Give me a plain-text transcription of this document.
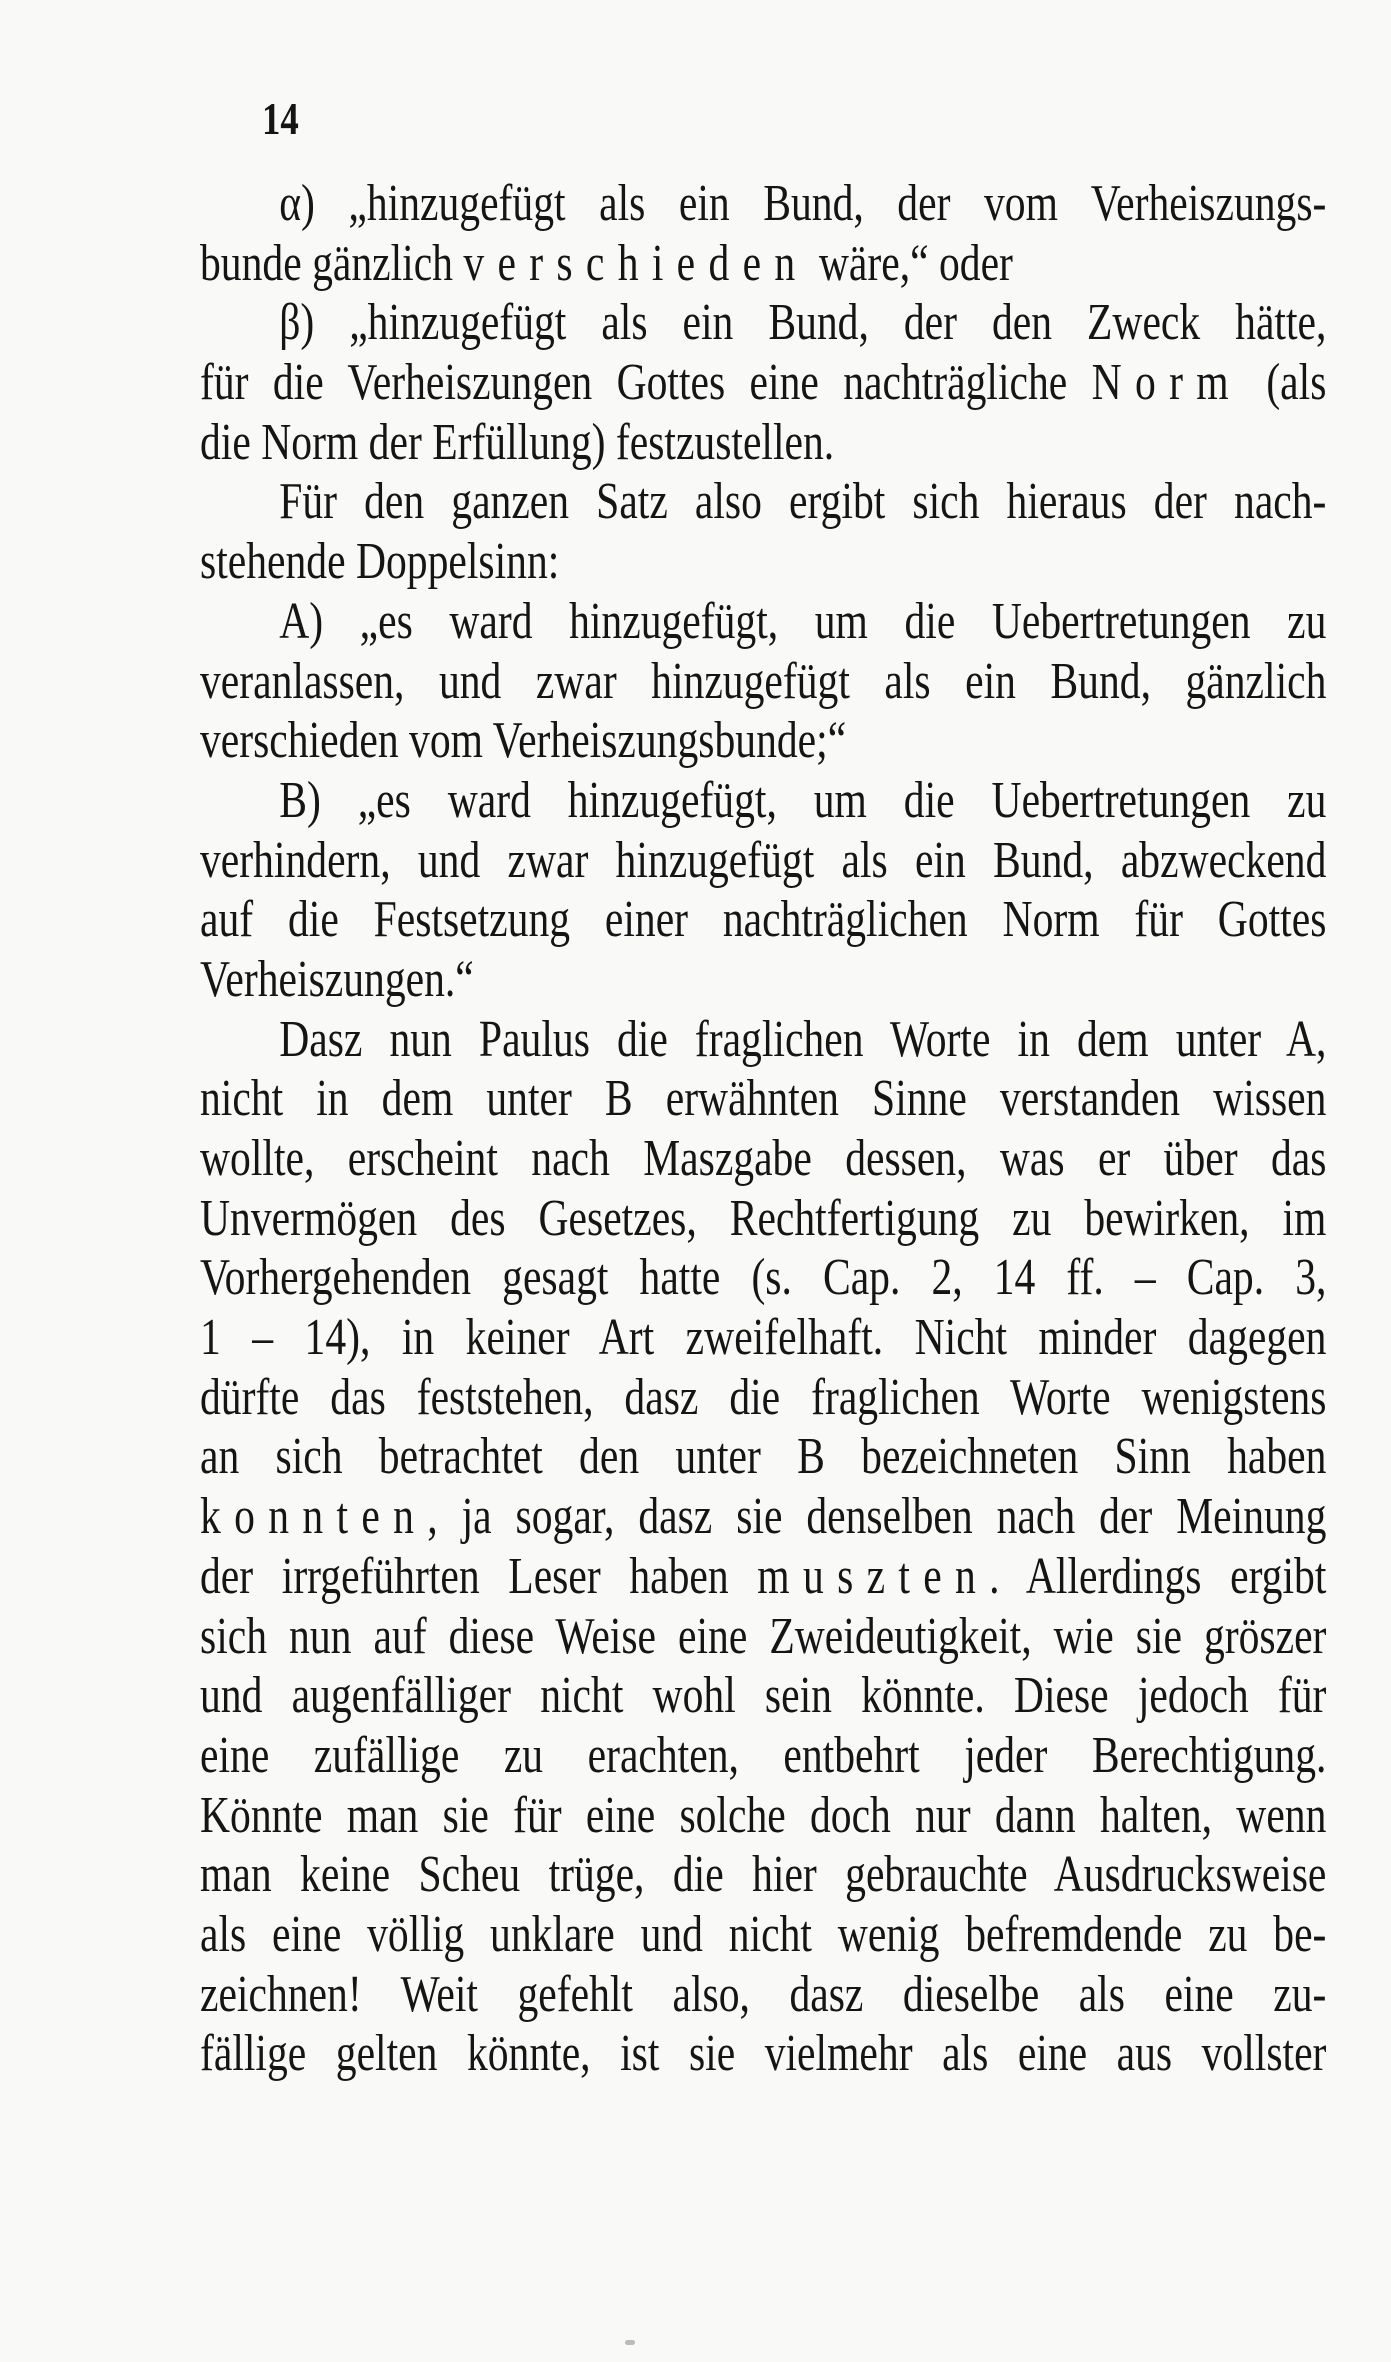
14
α) „hinzugefügt als ein Bund, der vom Verheiszungs-
bunde gänzlich verschieden wäre,“ oder
β) „hinzugefügt als ein Bund, der den Zweck hätte,
für die Verheiszungen Gottes eine nachträgliche Norm (als
die Norm der Erfüllung) festzustellen.
Für den ganzen Satz also ergibt sich hieraus der nach-
stehende Doppelsinn:
A) „es ward hinzugefügt, um die Uebertretungen zu
veranlassen, und zwar hinzugefügt als ein Bund, gänzlich
verschieden vom Verheiszungsbunde;“
B) „es ward hinzugefügt, um die Uebertretungen zu
verhindern, und zwar hinzugefügt als ein Bund, abzweckend
auf die Festsetzung einer nachträglichen Norm für Gottes
Verheiszungen.“
Dasz nun Paulus die fraglichen Worte in dem unter A,
nicht in dem unter B erwähnten Sinne verstanden wissen
wollte, erscheint nach Maszgabe dessen, was er über das
Unvermögen des Gesetzes, Rechtfertigung zu bewirken, im
Vorhergehenden gesagt hatte (s. Cap. 2, 14 ff. – Cap. 3,
1 – 14), in keiner Art zweifelhaft. Nicht minder dagegen
dürfte das feststehen, dasz die fraglichen Worte wenigstens
an sich betrachtet den unter B bezeichneten Sinn haben
konnten, ja sogar, dasz sie denselben nach der Meinung
der irrgeführten Leser haben muszten. Allerdings ergibt
sich nun auf diese Weise eine Zweideutigkeit, wie sie gröszer
und augenfälliger nicht wohl sein könnte. Diese jedoch für
eine zufällige zu erachten, entbehrt jeder Berechtigung.
Könnte man sie für eine solche doch nur dann halten, wenn
man keine Scheu trüge, die hier gebrauchte Ausdrucksweise
als eine völlig unklare und nicht wenig befremdende zu be-
zeichnen! Weit gefehlt also, dasz dieselbe als eine zu-
fällige gelten könnte, ist sie vielmehr als eine aus vollster
